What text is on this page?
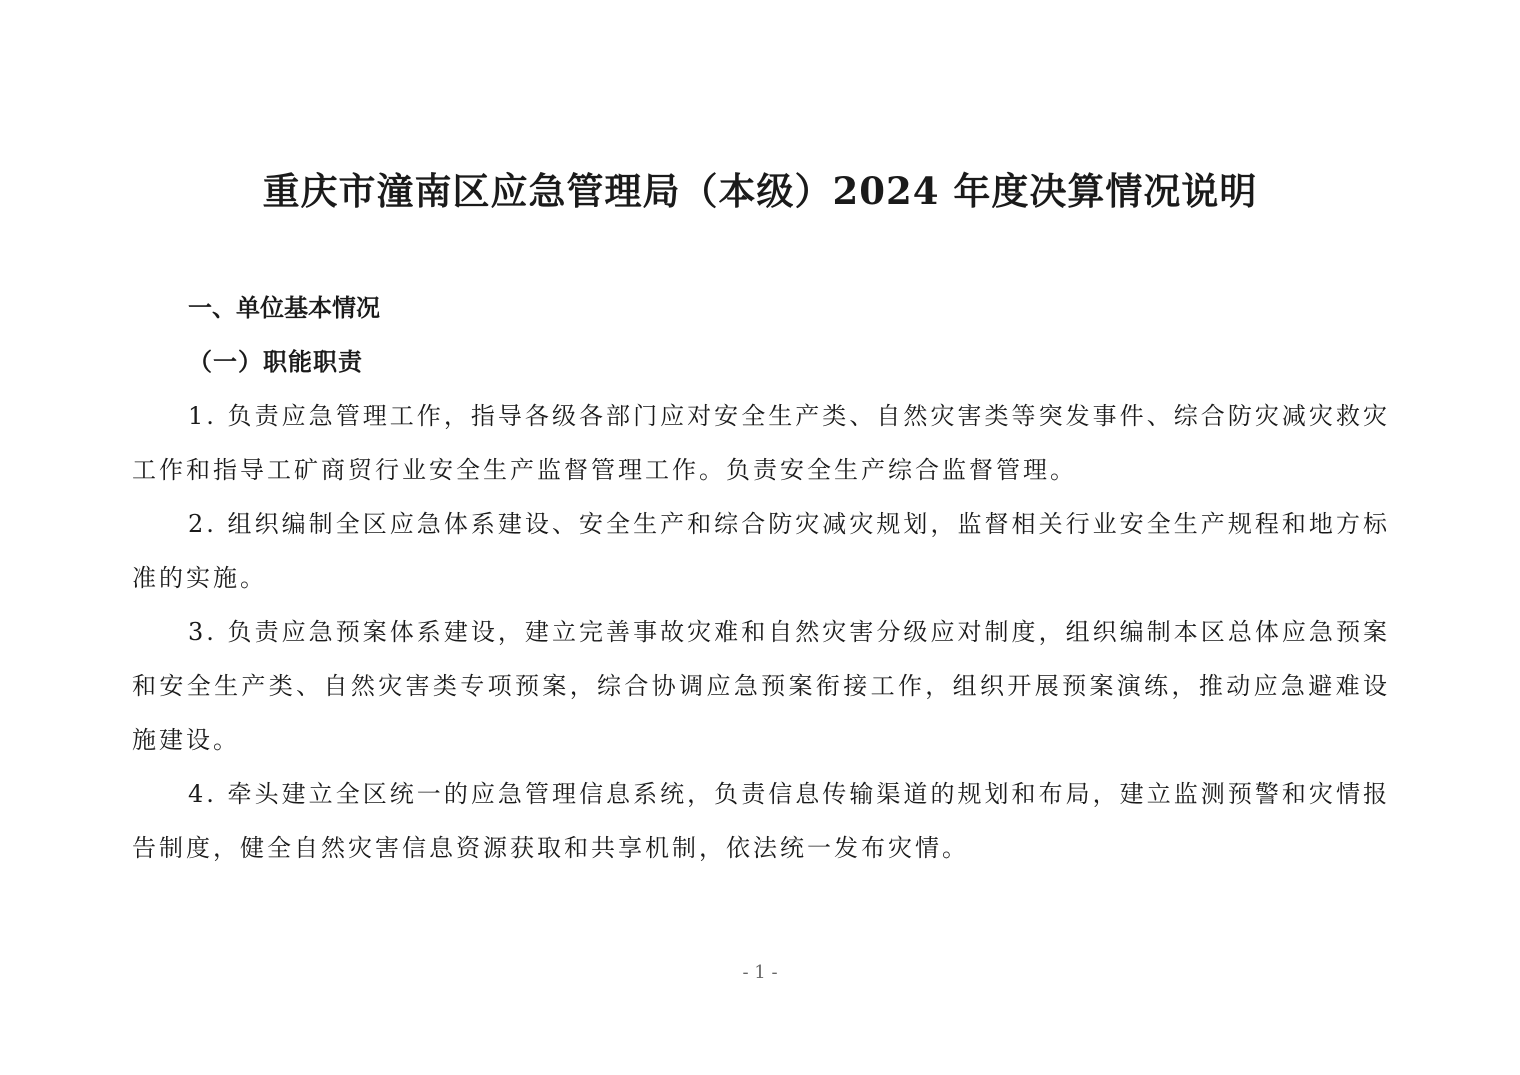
重庆市潼南区应急管理局（本级）2024 年度决算情况说明
一、单位基本情况
（一）职能职责

1. 负责应急管理工作，指导各级各部门应对安全生产类、自然灾害类等突发事件、综合防灾减灾救灾工作和指导工矿商贸行业安全生产监督管理工作。负责安全生产综合监督管理。

2. 组织编制全区应急体系建设、安全生产和综合防灾减灾规划，监督相关行业安全生产规程和地方标准的实施。

3. 负责应急预案体系建设，建立完善事故灾难和自然灾害分级应对制度，组织编制本区总体应急预案和安全生产类、自然灾害类专项预案，综合协调应急预案衔接工作，组织开展预案演练，推动应急避难设施建设。

4. 牵头建立全区统一的应急管理信息系统，负责信息传输渠道的规划和布局，建立监测预警和灾情报告制度，健全自然灾害信息资源获取和共享机制，依法统一发布灾情。

- 1 -
